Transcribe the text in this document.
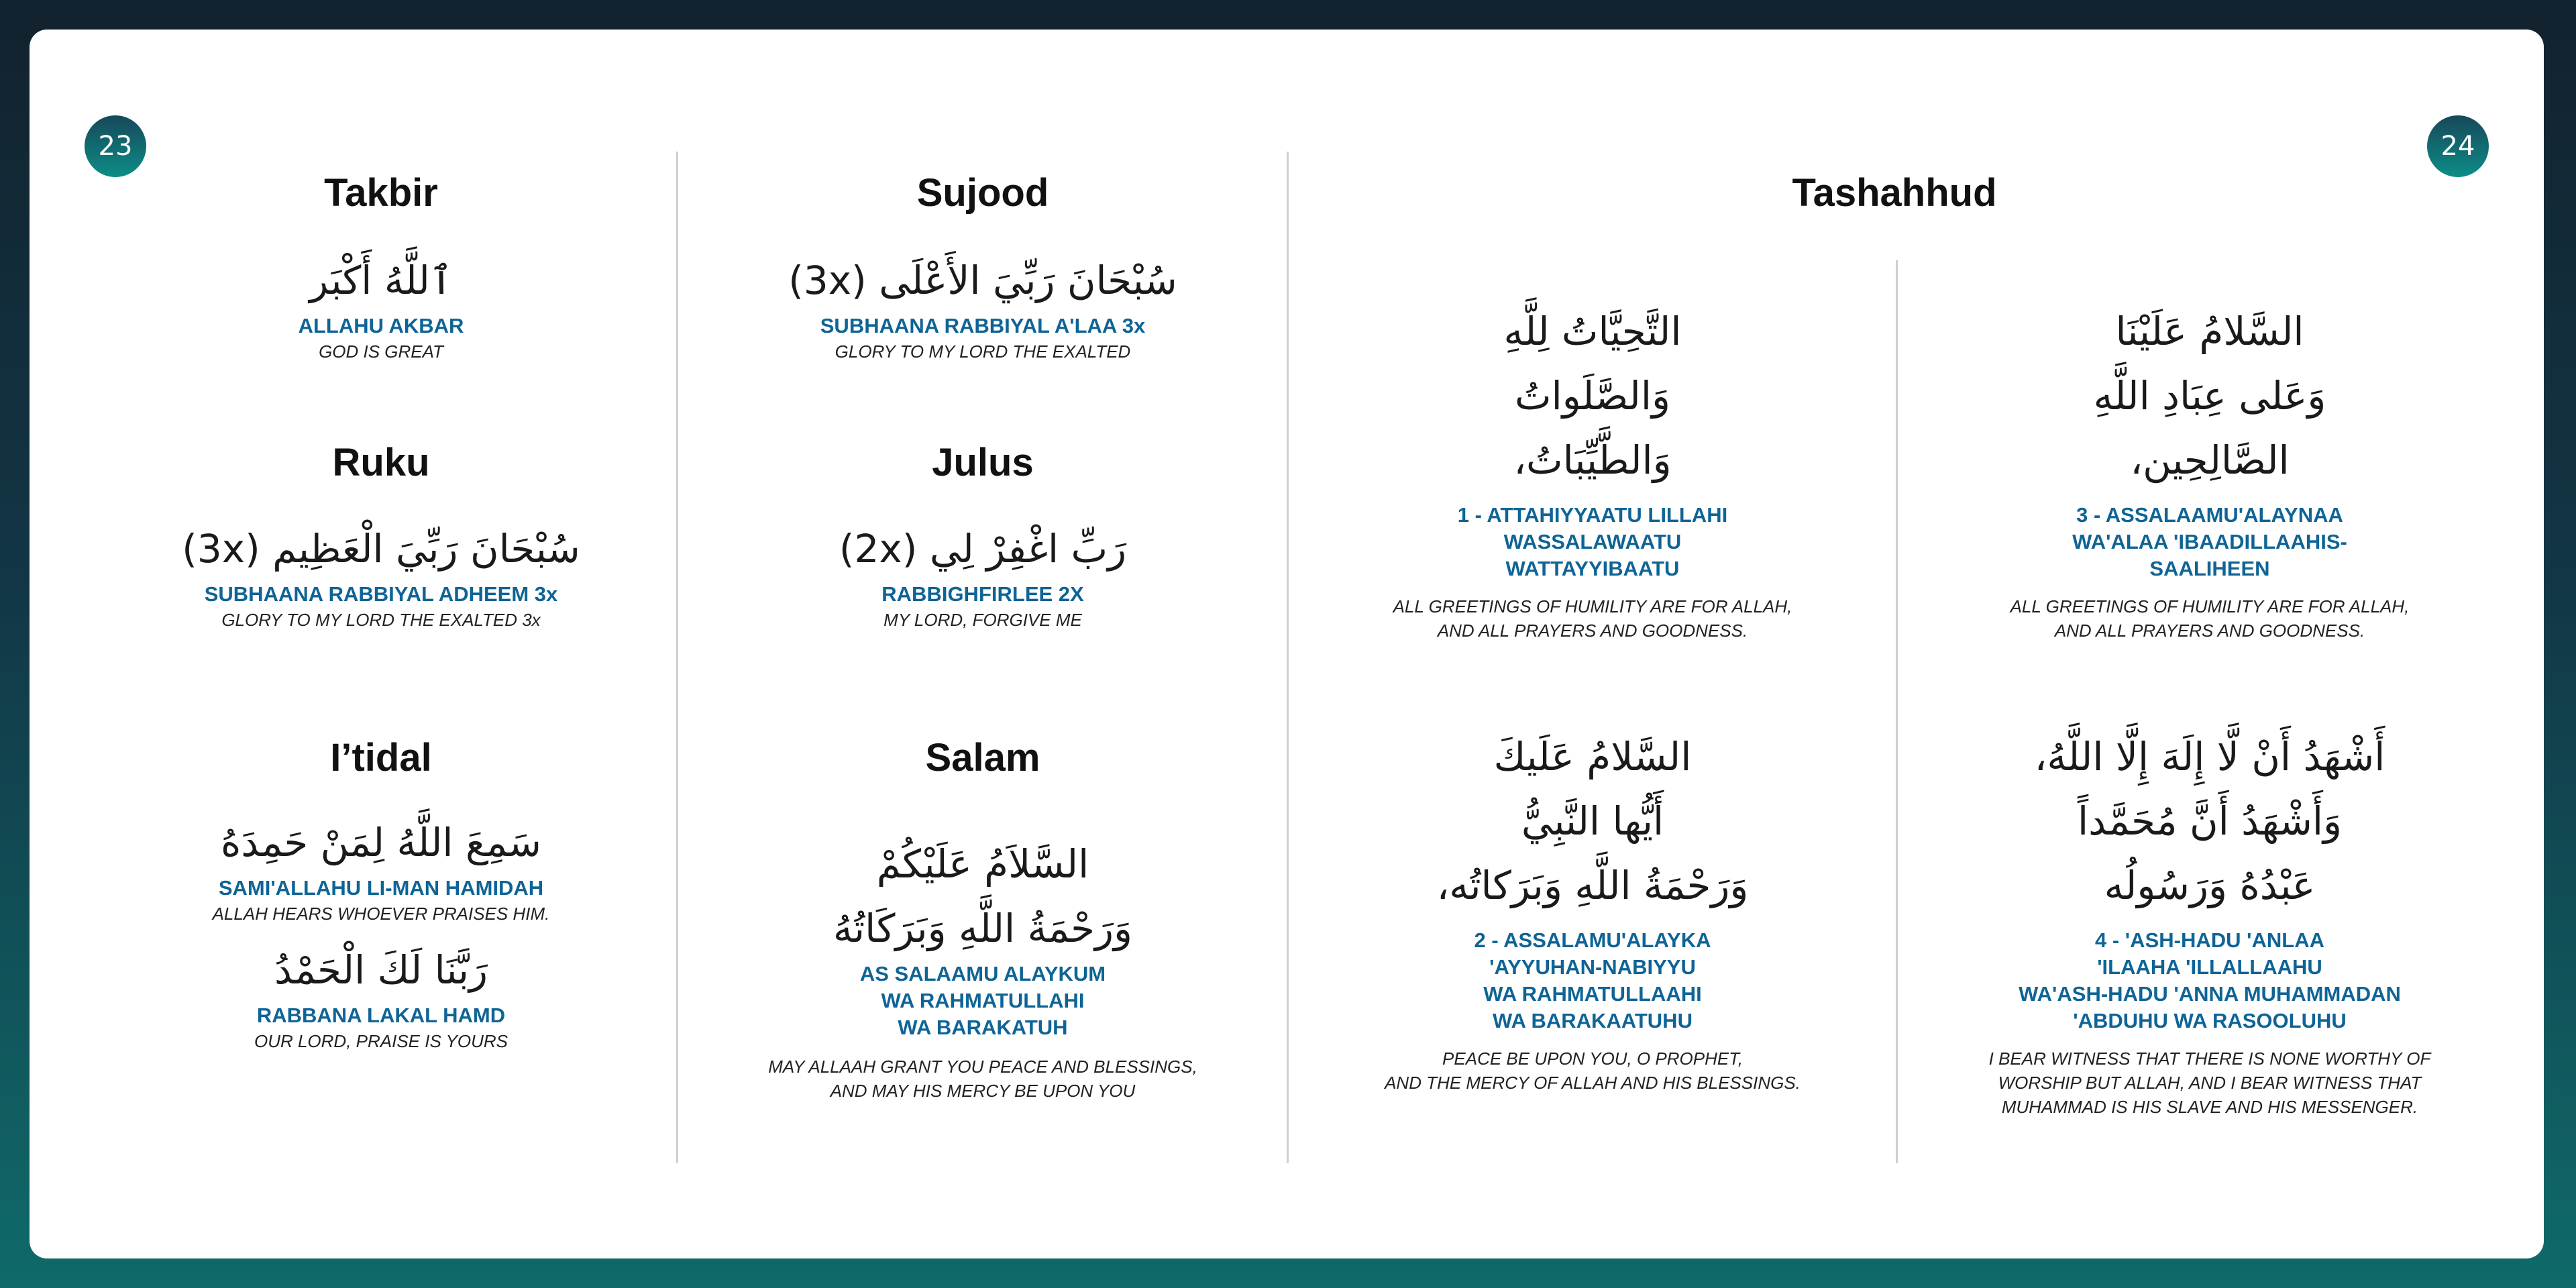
23	24
Takbir
ٱللَّهُ أَكْبَر
ALLAHU AKBAR
GOD IS GREAT
Ruku
سُبْحَانَ رَبِّيَ الْعَظِيم (3x)
SUBHAANA RABBIYAL ADHEEM 3x
GLORY TO MY LORD THE EXALTED 3x
I’tidal
سَمِعَ اللَّهُ لِمَنْ حَمِدَهُ
SAMI'ALLAHU LI-MAN HAMIDAH
ALLAH HEARS WHOEVER PRAISES HIM.
رَبَّنَا لَكَ الْحَمْدُ
RABBANA LAKAL HAMD
OUR LORD, PRAISE IS YOURS
Sujood
سُبْحَانَ رَبِّيَ الأَعْلَى (3x)
SUBHAANA RABBIYAL A'LAA 3x
GLORY TO MY LORD THE EXALTED
Julus
رَبِّ اغْفِرْ لِي (2x)
RABBIGHFIRLEE 2X
MY LORD, FORGIVE ME
Salam
السَّلاَمُ عَلَيْكُمْ
وَرَحْمَةُ اللَّهِ وَبَرَكَاتُهُ
AS SALAAMU ALAYKUM
WA RAHMATULLAHI
WA BARAKATUH
MAY ALLAAH GRANT YOU PEACE AND BLESSINGS,
AND MAY HIS MERCY BE UPON YOU
Tashahhud
التَّحِيَّاتُ لِلَّهِ
وَالصَّلَواتُ
وَالطَّيِّبَاتُ،
1 - ATTAHIYYAATU LILLAHI
WASSALAWAATU
WATTAYYIBAATU
ALL GREETINGS OF HUMILITY ARE FOR ALLAH,
AND ALL PRAYERS AND GOODNESS.
السَّلامُ عَلَيْنَا
وَعَلى عِبَادِ اللَّهِ
الصَّالِحِين،
3 - ASSALAAMU'ALAYNAA
WA'ALAA 'IBAADILLAAHIS-
SAALIHEEN
ALL GREETINGS OF HUMILITY ARE FOR ALLAH,
AND ALL PRAYERS AND GOODNESS.
السَّلامُ عَلَيكَ
أَيُّها النَّبِيُّ
وَرَحْمَةُ اللَّهِ وَبَرَكاتُه،
2 - ASSALAMU'ALAYKA
'AYYUHAN-NABIYYU
WA RAHMATULLAAHI
WA BARAKAATUHU
PEACE BE UPON YOU, O PROPHET,
AND THE MERCY OF ALLAH AND HIS BLESSINGS.
أَشْهَدُ أَنْ لَّا إِلَهَ إِلَّا اللَّهُ،
وَأَشْهَدُ أَنَّ مُحَمَّداً
عَبْدُهُ وَرَسُولُه
4 - 'ASH-HADU 'ANLAA
'ILAAHA 'ILLALLAAHU
WA'ASH-HADU 'ANNA MUHAMMADAN
'ABDUHU WA RASOOLUHU
I BEAR WITNESS THAT THERE IS NONE WORTHY OF
WORSHIP BUT ALLAH, AND I BEAR WITNESS THAT
MUHAMMAD IS HIS SLAVE AND HIS MESSENGER.
